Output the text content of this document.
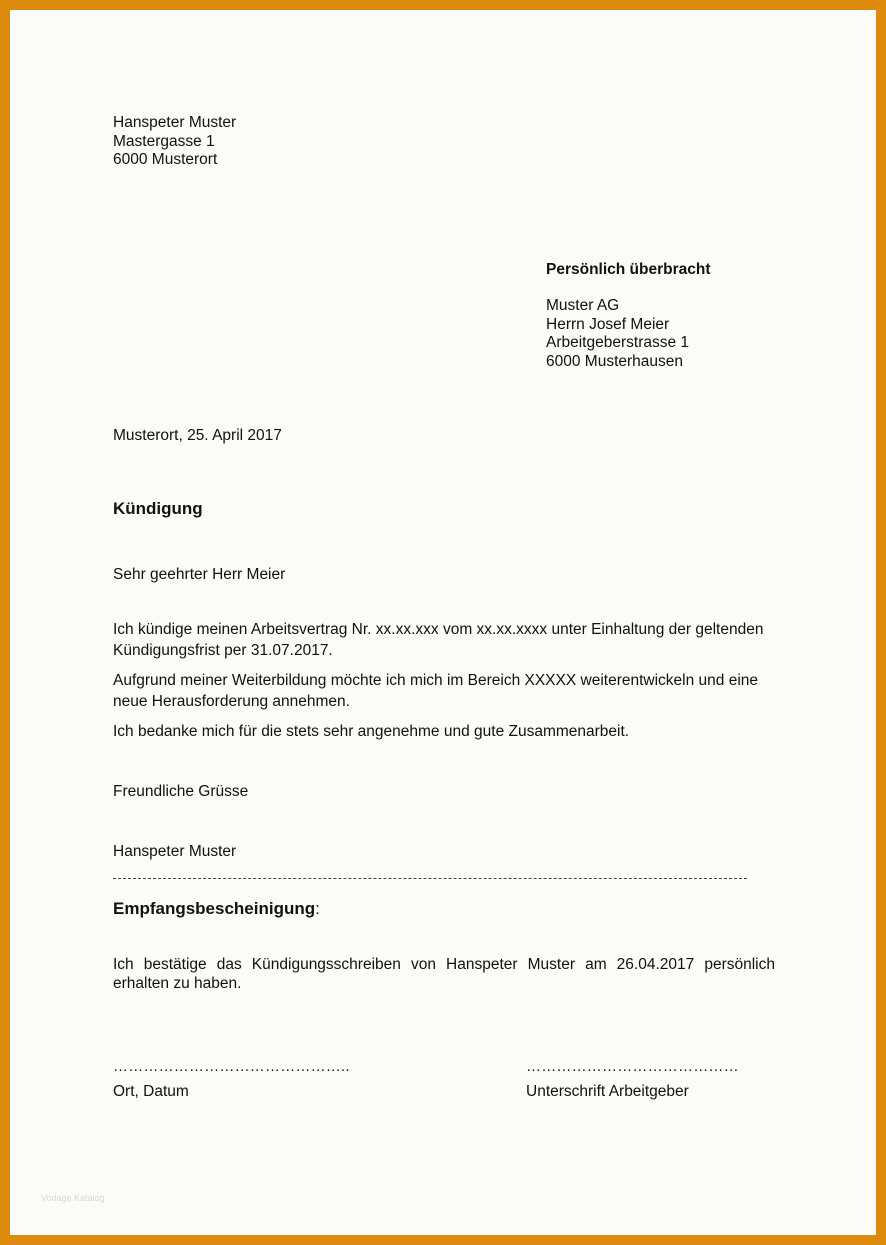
Hanspeter Muster
Mastergasse 1
6000 Musterort
Persönlich überbracht
Muster AG
Herrn Josef Meier
Arbeitgeberstrasse 1
6000 Musterhausen
Musterort, 25. April 2017
Kündigung
Sehr geehrter Herr Meier
Ich kündige meinen Arbeitsvertrag Nr. xx.xx.xxx vom xx.xx.xxxx unter Einhaltung der geltenden Kündigungsfrist per 31.07.2017.
Aufgrund meiner Weiterbildung möchte ich mich im Bereich XXXXX weiterentwickeln und eine neue Herausforderung annehmen.
Ich bedanke mich für die stets sehr angenehme und gute Zusammenarbeit.
Freundliche Grüsse
Hanspeter Muster
Empfangsbescheinigung:
Ich bestätige das Kündigungsschreiben von Hanspeter Muster am 26.04.2017 persönlich erhalten zu haben.
………………………………………..	……………………………………
Ort, Datum	Unterschrift Arbeitgeber
Vorlage Katalog
